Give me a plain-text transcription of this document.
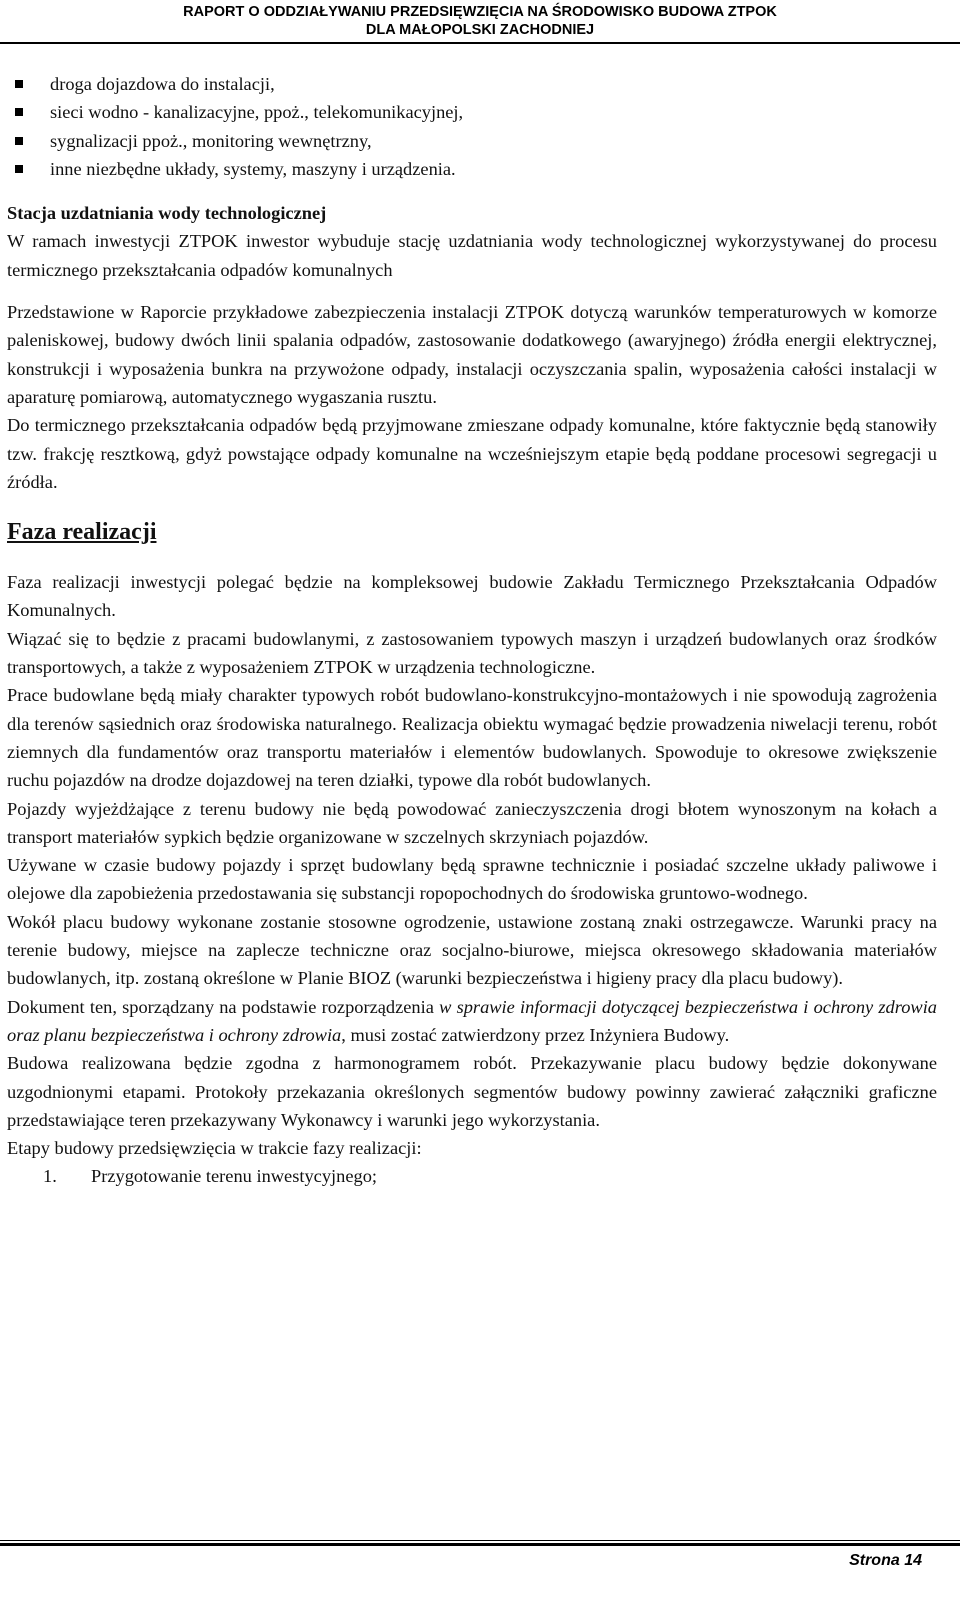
RAPORT O ODDZIAŁYWANIU PRZEDSIĘWZIĘCIA NA ŚRODOWISKO BUDOWA ZTPOK
DLA MAŁOPOLSKI ZACHODNIEJ
droga dojazdowa do instalacji,
sieci wodno - kanalizacyjne, ppoż., telekomunikacyjnej,
sygnalizacji ppoż., monitoring wewnętrzny,
inne niezbędne układy, systemy, maszyny i urządzenia.

Stacja uzdatniania wody technologicznej

W ramach inwestycji ZTPOK inwestor wybuduje stację uzdatniania wody technologicznej wykorzystywanej do procesu termicznego przekształcania odpadów komunalnych

Przedstawione w Raporcie przykładowe zabezpieczenia instalacji ZTPOK dotyczą warunków temperaturowych w komorze paleniskowej, budowy dwóch linii spalania odpadów, zastosowanie dodatkowego (awaryjnego) źródła energii elektrycznej, konstrukcji i wyposażenia bunkra na przywożone odpady, instalacji oczyszczania spalin, wyposażenia całości instalacji w aparaturę pomiarową, automatycznego wygaszania rusztu.

Do termicznego przekształcania odpadów będą przyjmowane zmieszane odpady komunalne, które faktycznie będą stanowiły tzw. frakcję resztkową, gdyż powstające odpady komunalne na wcześniejszym etapie będą poddane procesowi segregacji u źródła.

Faza realizacji

Faza realizacji inwestycji polegać będzie na kompleksowej budowie Zakładu Termicznego Przekształcania Odpadów Komunalnych.

Wiązać się to będzie z pracami budowlanymi, z zastosowaniem typowych maszyn i urządzeń budowlanych oraz środków transportowych, a także z wyposażeniem ZTPOK w urządzenia technologiczne.

Prace budowlane będą miały charakter typowych robót budowlano-konstrukcyjno-montażowych i nie spowodują zagrożenia dla terenów sąsiednich oraz środowiska naturalnego. Realizacja obiektu wymagać będzie prowadzenia niwelacji terenu, robót ziemnych dla fundamentów oraz transportu materiałów i elementów budowlanych. Spowoduje to okresowe zwiększenie ruchu pojazdów na drodze dojazdowej na teren działki, typowe dla robót budowlanych.

Pojazdy wyjeżdżające z terenu budowy nie będą powodować zanieczyszczenia drogi błotem wynoszonym na kołach a transport materiałów sypkich będzie organizowane w szczelnych skrzyniach pojazdów.

Używane w czasie budowy pojazdy i sprzęt budowlany będą sprawne technicznie i posiadać szczelne układy paliwowe i olejowe dla zapobieżenia przedostawania się substancji ropopochodnych do środowiska gruntowo-wodnego.

Wokół placu budowy wykonane zostanie stosowne ogrodzenie, ustawione zostaną znaki ostrzegawcze. Warunki pracy na terenie budowy, miejsce na zaplecze techniczne oraz socjalno-biurowe, miejsca okresowego składowania materiałów budowlanych, itp. zostaną określone w Planie BIOZ (warunki bezpieczeństwa i higieny pracy dla placu budowy).

Dokument ten, sporządzany na podstawie rozporządzenia w sprawie informacji dotyczącej bezpieczeństwa i ochrony zdrowia oraz planu bezpieczeństwa i ochrony zdrowia, musi zostać zatwierdzony przez Inżyniera Budowy.

Budowa realizowana będzie zgodna z harmonogramem robót. Przekazywanie placu budowy będzie dokonywane uzgodnionymi etapami. Protokoły przekazania określonych segmentów budowy powinny zawierać załączniki graficzne przedstawiające teren przekazywany Wykonawcy i warunki jego wykorzystania.

Etapy budowy przedsięwzięcia w trakcie fazy realizacji:

1. Przygotowanie terenu inwestycyjnego;
Strona 14
